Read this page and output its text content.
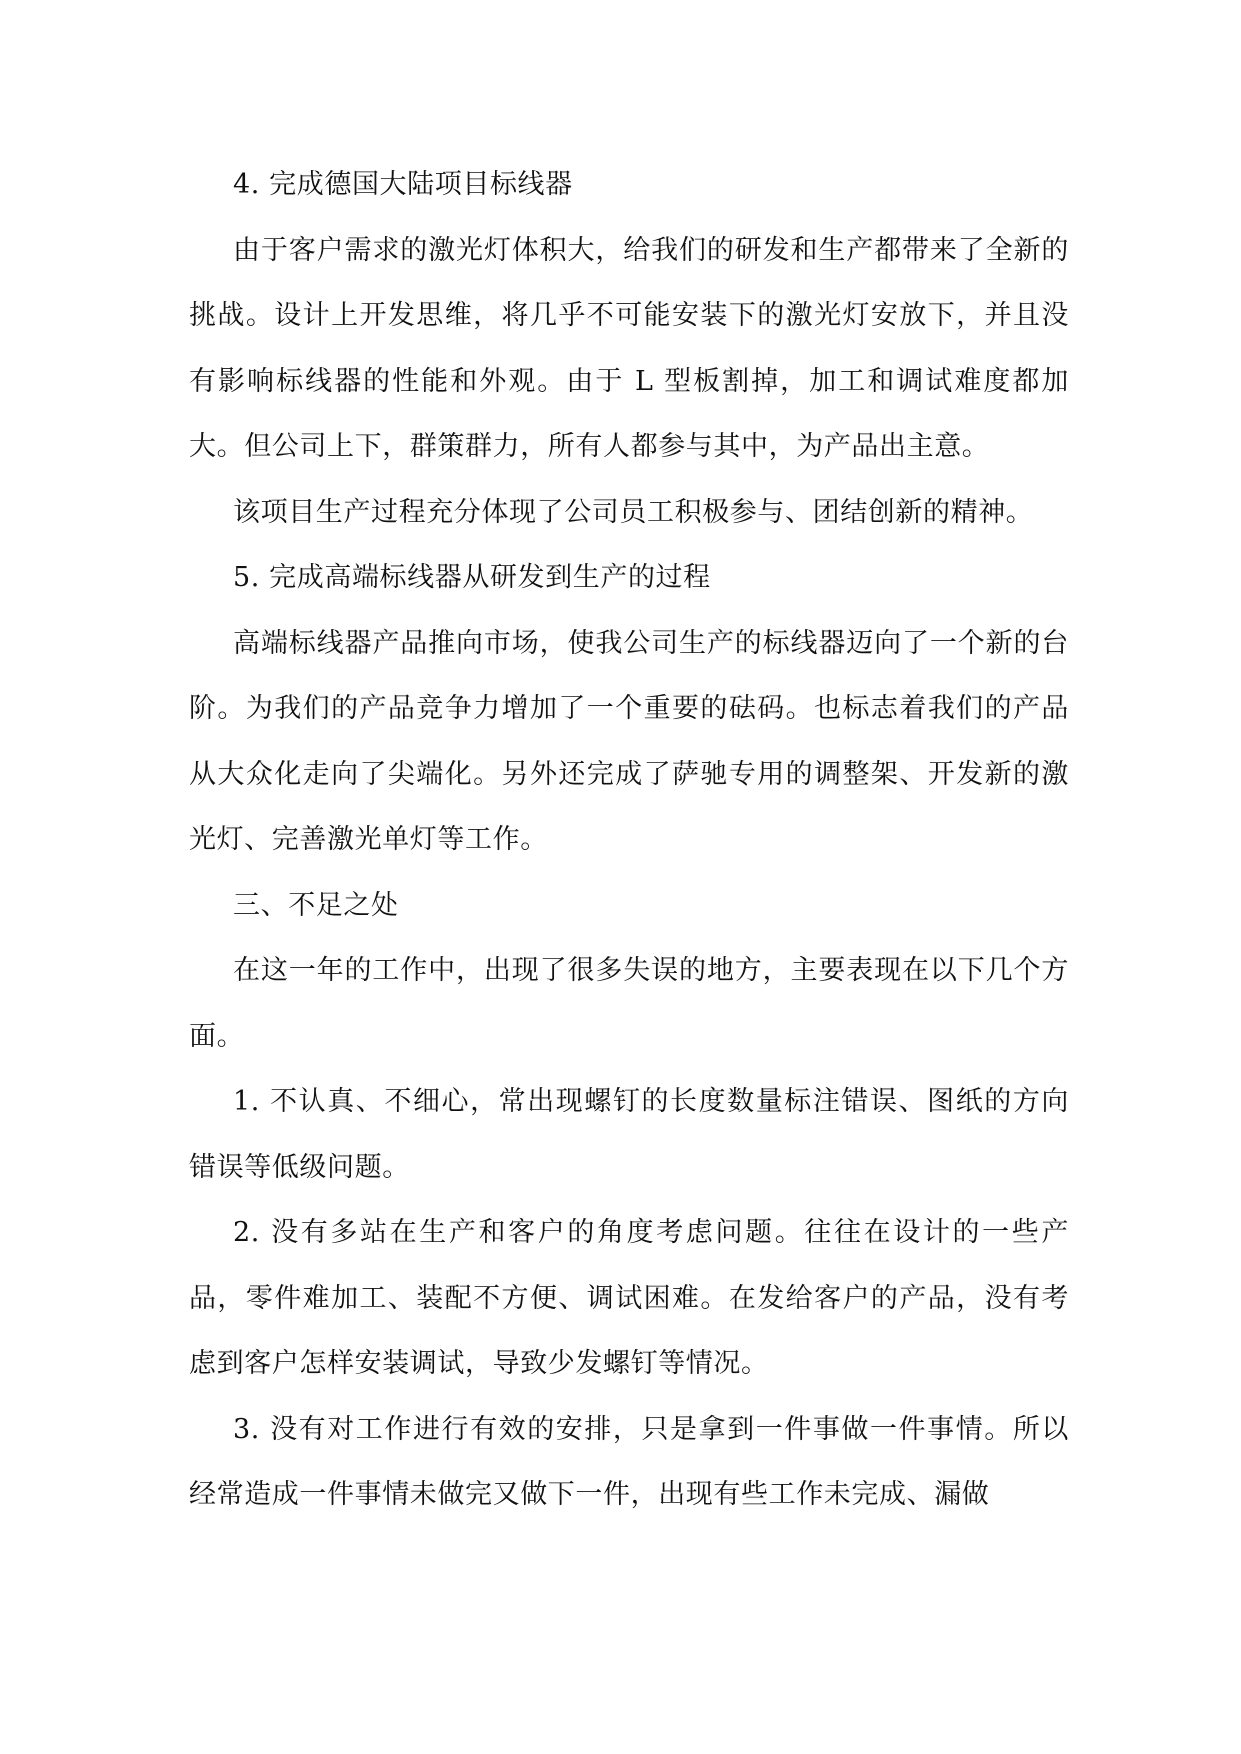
4. 完成德国大陆项目标线器

由于客户需求的激光灯体积大，给我们的研发和生产都带来了全新的挑战。设计上开发思维，将几乎不可能安装下的激光灯安放下，并且没有影响标线器的性能和外观。由于 L 型板割掉，加工和调试难度都加大。但公司上下，群策群力，所有人都参与其中，为产品出主意。

该项目生产过程充分体现了公司员工积极参与、团结创新的精神。

5. 完成高端标线器从研发到生产的过程

高端标线器产品推向市场，使我公司生产的标线器迈向了一个新的台阶。为我们的产品竞争力增加了一个重要的砝码。也标志着我们的产品从大众化走向了尖端化。另外还完成了萨驰专用的调整架、开发新的激光灯、完善激光单灯等工作。

三、不足之处

在这一年的工作中，出现了很多失误的地方，主要表现在以下几个方面。

1. 不认真、不细心，常出现螺钉的长度数量标注错误、图纸的方向错误等低级问题。

2. 没有多站在生产和客户的角度考虑问题。往往在设计的一些产品，零件难加工、装配不方便、调试困难。在发给客户的产品，没有考虑到客户怎样安装调试，导致少发螺钉等情况。

3. 没有对工作进行有效的安排，只是拿到一件事做一件事情。所以经常造成一件事情未做完又做下一件，出现有些工作未完成、漏做
